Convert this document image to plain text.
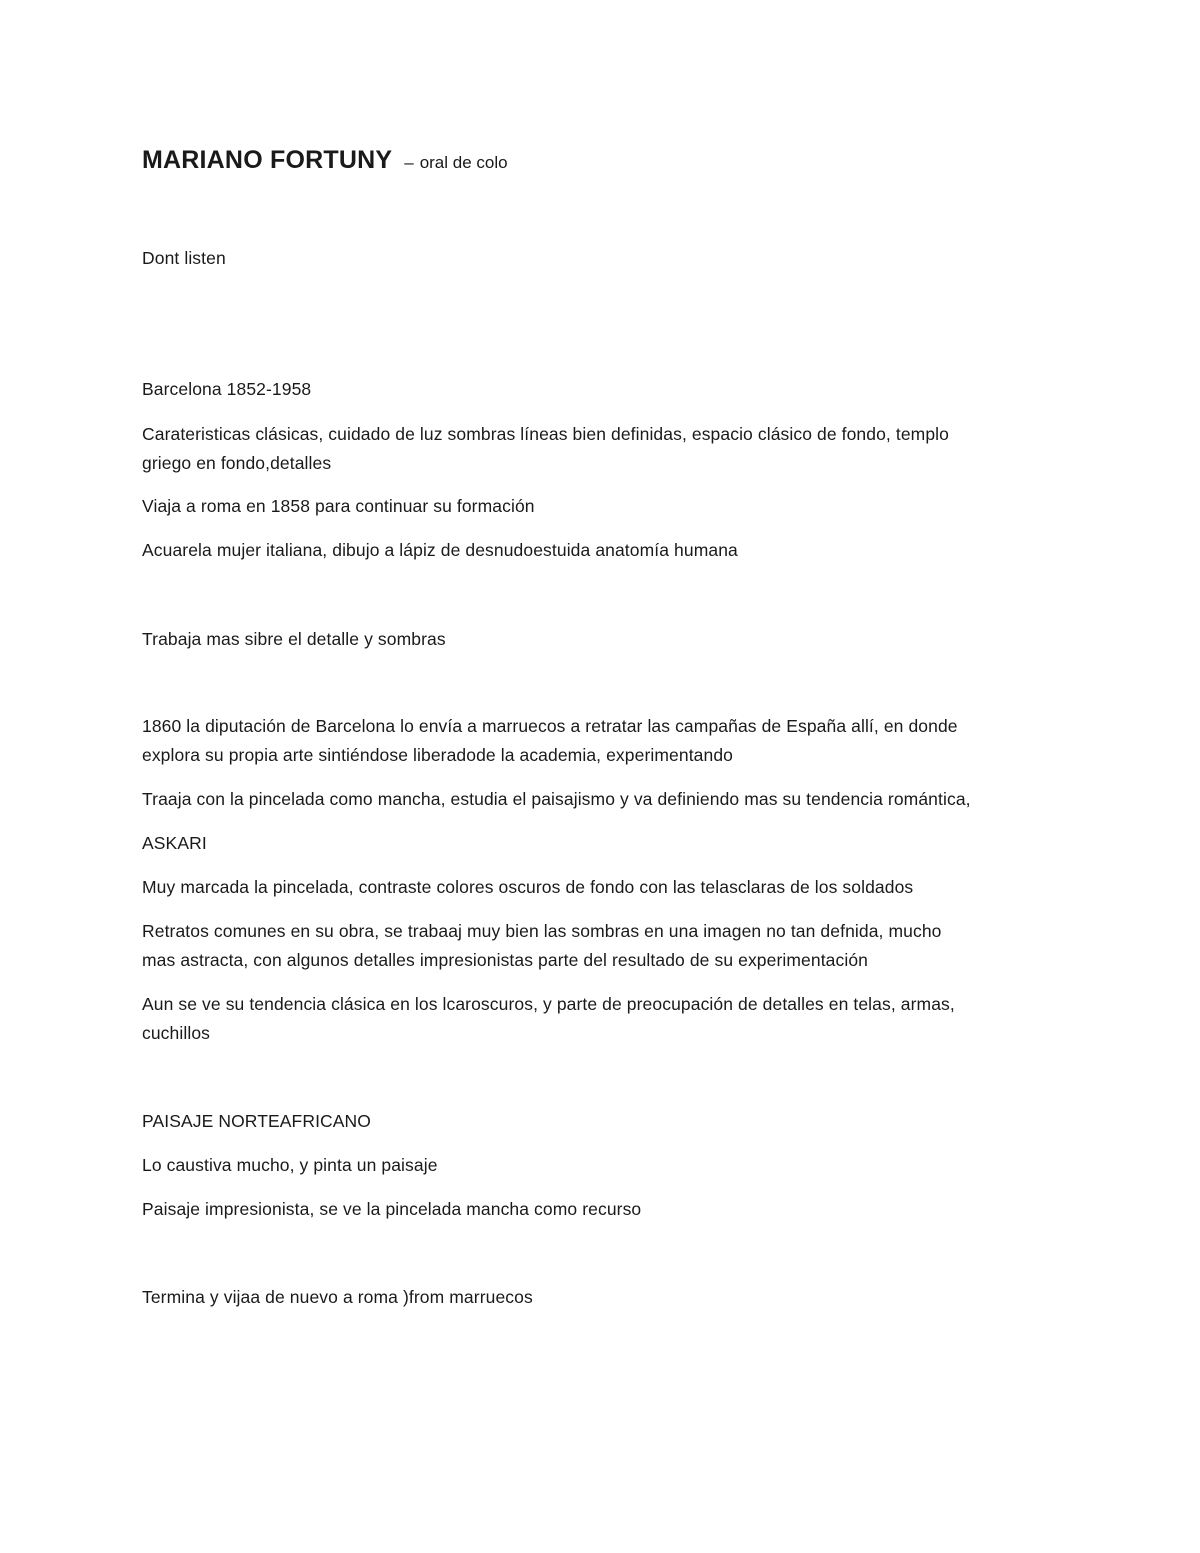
MARIANO FORTUNY – oral de colo
Dont listen
Barcelona 1852-1958
Carateristicas clásicas, cuidado de luz sombras líneas bien definidas, espacio clásico de fondo, templo
griego en fondo,detalles
Viaja a roma en 1858 para continuar su formación
Acuarela mujer italiana, dibujo a lápiz de desnudoestuida anatomía humana
Trabaja mas sibre el detalle y sombras
1860 la diputación de Barcelona lo envía a marruecos a retratar las campañas de España allí, en donde
explora su propia arte sintiéndose liberadode la academia, experimentando
Traaja con la pincelada como mancha, estudia el paisajismo y va definiendo mas su tendencia romántica,
ASKARI
Muy marcada la pincelada, contraste colores oscuros de fondo con las telasclaras de los soldados
Retratos comunes en su obra, se trabaaj muy bien las sombras en una imagen no tan defnida, mucho
mas astracta, con algunos detalles impresionistas parte del resultado de su experimentación
Aun se ve su tendencia clásica en los lcaroscuros, y parte de preocupación de detalles en telas, armas,
cuchillos
PAISAJE NORTEAFRICANO
Lo caustiva mucho, y pinta un paisaje
Paisaje impresionista, se ve la pincelada mancha como recurso
Termina y vijaa de nuevo a roma )from marruecos
